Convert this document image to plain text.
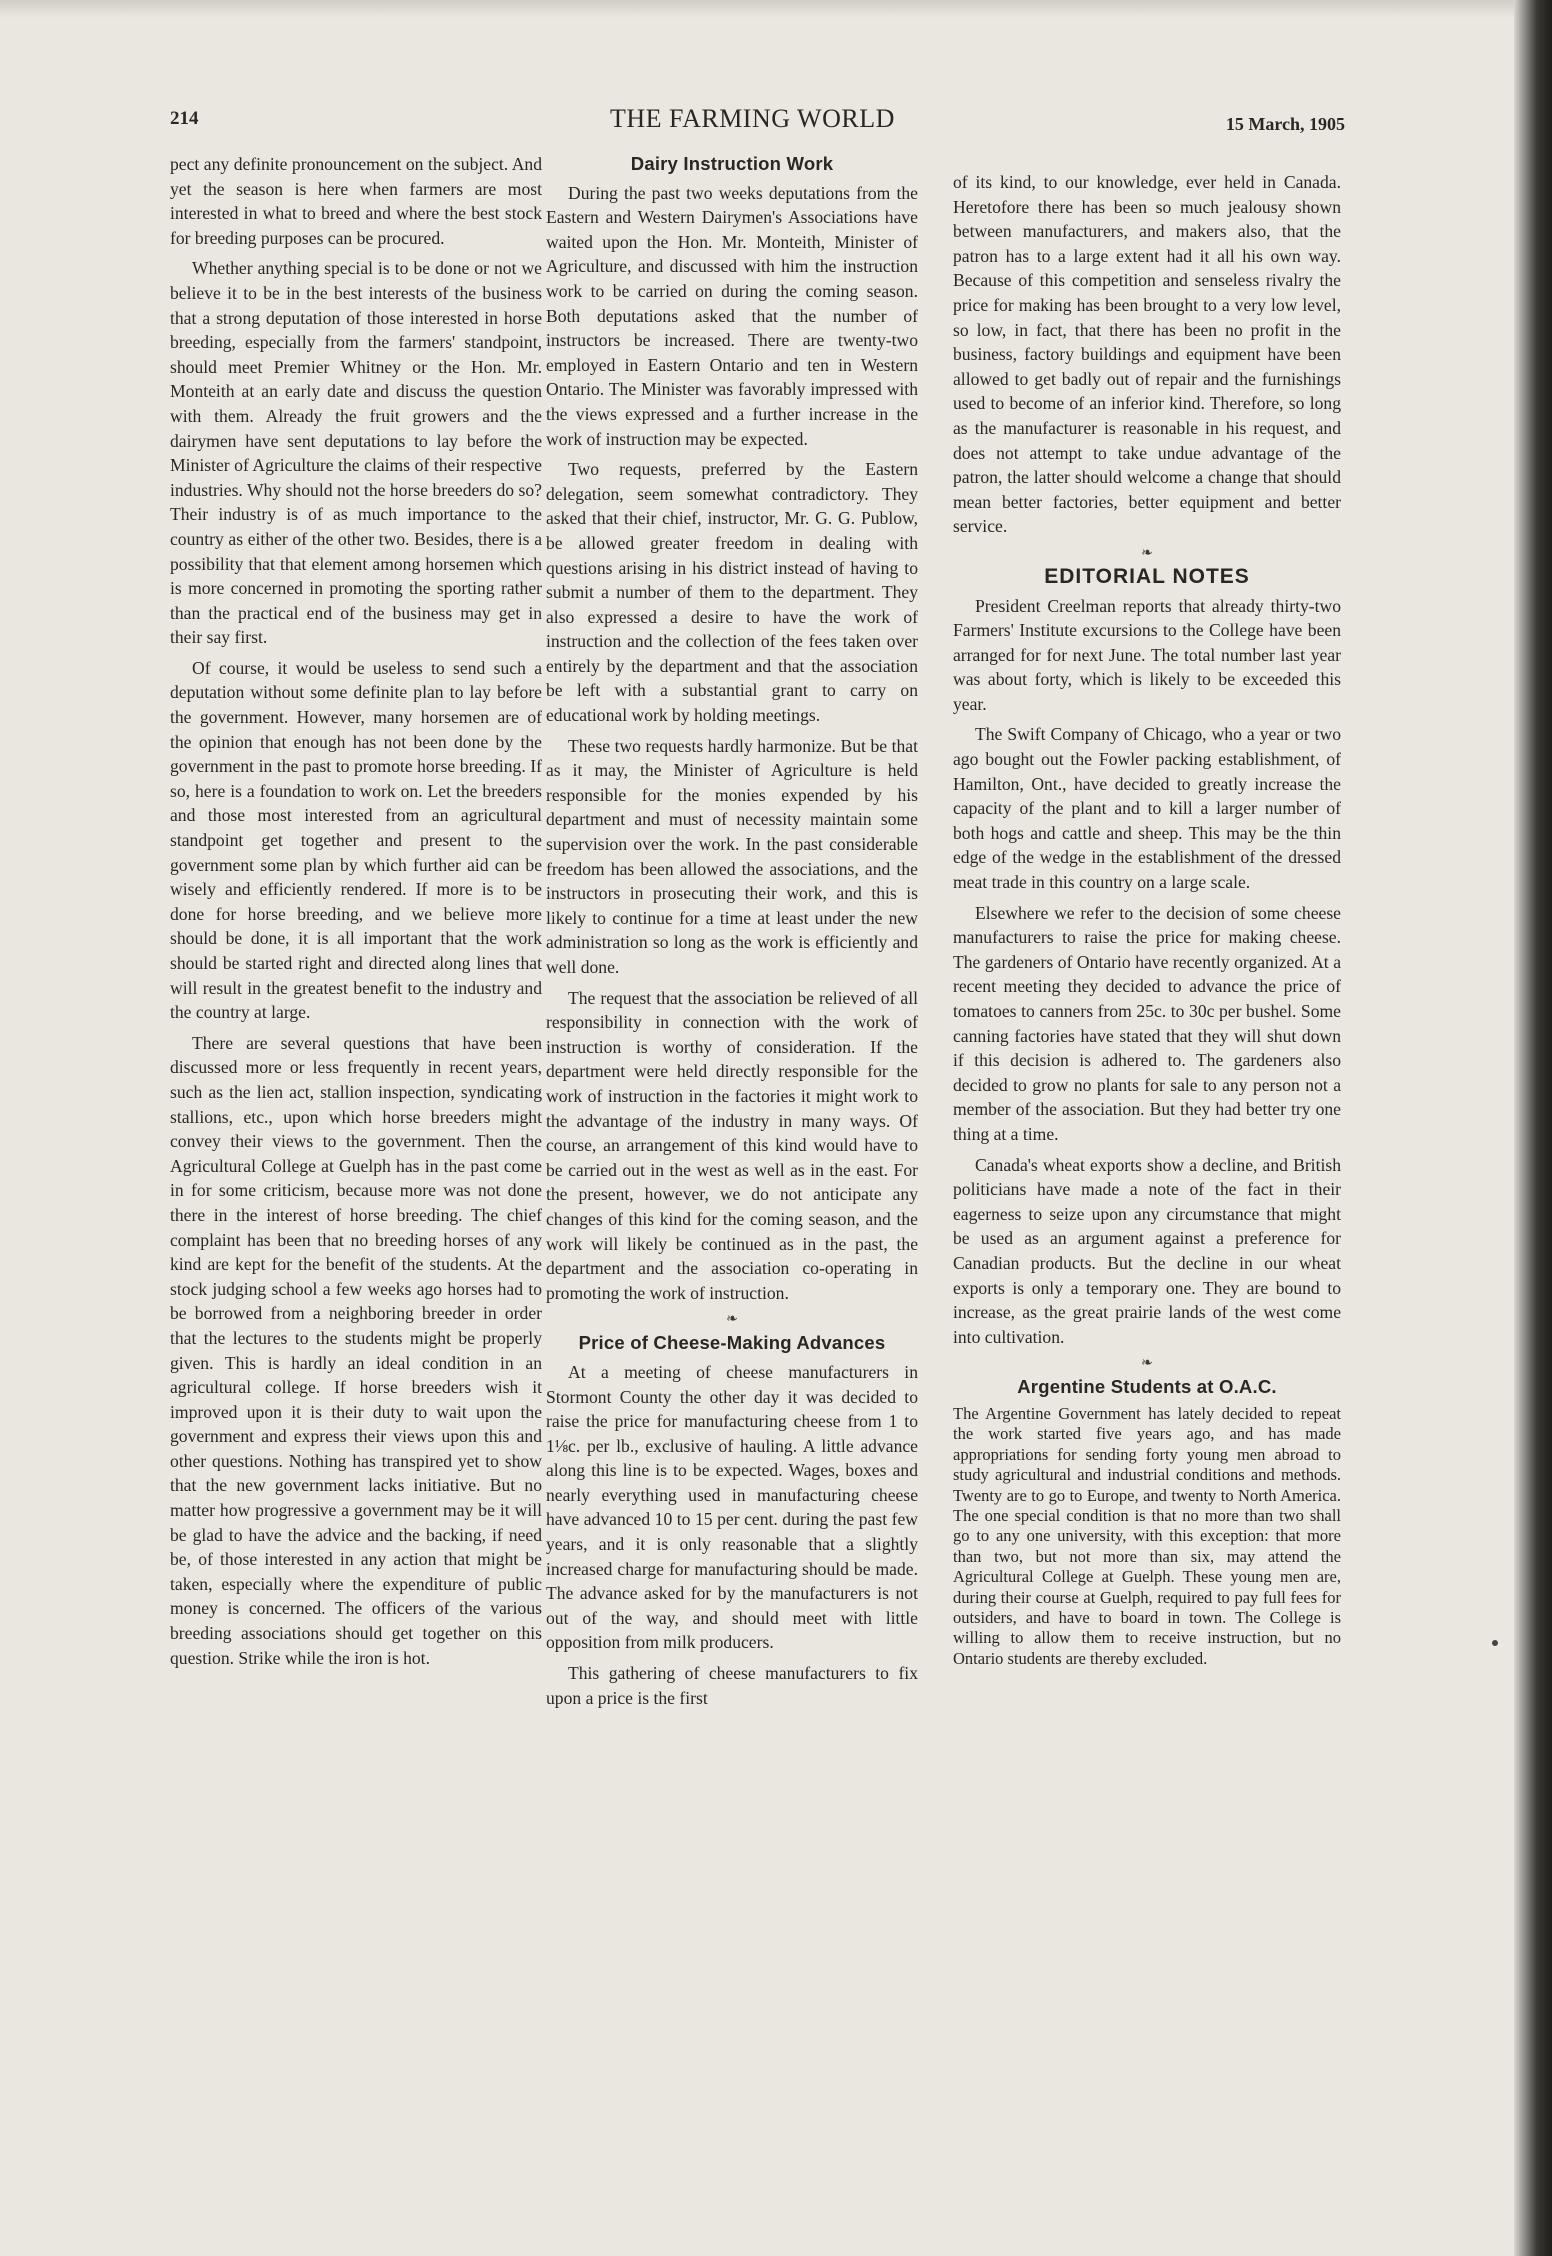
214	THE FARMING WORLD	15 March, 1905

pect any definite pronouncement on the subject. And yet the season is here when farmers are most interested in what to breed and where the best stock for breeding purposes can be procured.

Whether anything special is to be done or not we believe it to be in the best interests of the business that a strong deputation of those interested in horse breeding, especially from the farmers' standpoint, should meet Premier Whitney or the Hon. Mr. Monteith at an early date and discuss the question with them. Already the fruit growers and the dairymen have sent deputations to lay before the Minister of Agriculture the claims of their respective industries. Why should not the horse breeders do so? Their industry is of as much importance to the country as either of the other two. Besides, there is a possibility that that element among horsemen which is more concerned in promoting the sporting rather than the practical end of the business may get in their say first.

Of course, it would be useless to send such a deputation without some definite plan to lay before the government. However, many horsemen are of the opinion that enough has not been done by the government in the past to promote horse breeding. If so, here is a foundation to work on. Let the breeders and those most interested from an agricultural standpoint get together and present to the government some plan by which further aid can be wisely and efficiently rendered. If more is to be done for horse breeding, and we believe more should be done, it is all important that the work should be started right and directed along lines that will result in the greatest benefit to the industry and the country at large.

There are several questions that have been discussed more or less frequently in recent years, such as the lien act, stallion inspection, syndicating stallions, etc., upon which horse breeders might convey their views to the government. Then the Agricultural College at Guelph has in the past come in for some criticism, because more was not done there in the interest of horse breeding. The chief complaint has been that no breeding horses of any kind are kept for the benefit of the students. At the stock judging school a few weeks ago horses had to be borrowed from a neighboring breeder in order that the lectures to the students might be properly given. This is hardly an ideal condition in an agricultural college. If horse breeders wish it improved upon it is their duty to wait upon the government and express their views upon this and other questions. Nothing has transpired yet to show that the new government lacks initiative. But no matter how progressive a government may be it will be glad to have the advice and the backing, if need be, of those interested in any action that might be taken, especially where the expenditure of public money is concerned. The officers of the various breeding associations should get together on this question. Strike while the iron is hot.

Dairy Instruction Work

During the past two weeks deputations from the Eastern and Western Dairymen's Associations have waited upon the Hon. Mr. Monteith, Minister of Agriculture, and discussed with him the instruction work to be carried on during the coming season. Both deputations asked that the number of instructors be increased. There are twenty-two employed in Eastern Ontario and ten in Western Ontario. The Minister was favorably impressed with the views expressed and a further increase in the work of instruction may be expected.

Two requests, preferred by the Eastern delegation, seem somewhat contradictory. They asked that their chief, instructor, Mr. G. G. Publow, be allowed greater freedom in dealing with questions arising in his district instead of having to submit a number of them to the department. They also expressed a desire to have the work of instruction and the collection of the fees taken over entirely by the department and that the association be left with a substantial grant to carry on educational work by holding meetings.

These two requests hardly harmonize. But be that as it may, the Minister of Agriculture is held responsible for the monies expended by his department and must of necessity maintain some supervision over the work. In the past considerable freedom has been allowed the associations, and the instructors in prosecuting their work, and this is likely to continue for a time at least under the new administration so long as the work is efficiently and well done.

The request that the association be relieved of all responsibility in connection with the work of instruction is worthy of consideration. If the department were held directly responsible for the work of instruction in the factories it might work to the advantage of the industry in many ways. Of course, an arrangement of this kind would have to be carried out in the west as well as in the east. For the present, however, we do not anticipate any changes of this kind for the coming season, and the work will likely be continued as in the past, the department and the association co-operating in promoting the work of instruction.

❧
Price of Cheese-Making Advances

At a meeting of cheese manufacturers in Stormont County the other day it was decided to raise the price for manufacturing cheese from 1 to 1⅛c. per lb., exclusive of hauling. A little advance along this line is to be expected. Wages, boxes and nearly everything used in manufacturing cheese have advanced 10 to 15 per cent. during the past few years, and it is only reasonable that a slightly increased charge for manufacturing should be made. The advance asked for by the manufacturers is not out of the way, and should meet with little opposition from milk producers.

This gathering of cheese manufacturers to fix upon a price is the first

of its kind, to our knowledge, ever held in Canada. Heretofore there has been so much jealousy shown between manufacturers, and makers also, that the patron has to a large extent had it all his own way. Because of this competition and senseless rivalry the price for making has been brought to a very low level, so low, in fact, that there has been no profit in the business, factory buildings and equipment have been allowed to get badly out of repair and the furnishings used to become of an inferior kind. Therefore, so long as the manufacturer is reasonable in his request, and does not attempt to take undue advantage of the patron, the latter should welcome a change that should mean better factories, better equipment and better service.

❧
EDITORIAL NOTES

President Creelman reports that already thirty-two Farmers' Institute excursions to the College have been arranged for for next June. The total number last year was about forty, which is likely to be exceeded this year.

The Swift Company of Chicago, who a year or two ago bought out the Fowler packing establishment, of Hamilton, Ont., have decided to greatly increase the capacity of the plant and to kill a larger number of both hogs and cattle and sheep. This may be the thin edge of the wedge in the establishment of the dressed meat trade in this country on a large scale.

Elsewhere we refer to the decision of some cheese manufacturers to raise the price for making cheese. The gardeners of Ontario have recently organized. At a recent meeting they decided to advance the price of tomatoes to canners from 25c. to 30c per bushel. Some canning factories have stated that they will shut down if this decision is adhered to. The gardeners also decided to grow no plants for sale to any person not a member of the association. But they had better try one thing at a time.

Canada's wheat exports show a decline, and British politicians have made a note of the fact in their eagerness to seize upon any circumstance that might be used as an argument against a preference for Canadian products. But the decline in our wheat exports is only a temporary one. They are bound to increase, as the great prairie lands of the west come into cultivation.

❧
Argentine Students at O.A.C.

The Argentine Government has lately decided to repeat the work started five years ago, and has made appropriations for sending forty young men abroad to study agricultural and industrial conditions and methods. Twenty are to go to Europe, and twenty to North America. The one special condition is that no more than two shall go to any one university, with this exception: that more than two, but not more than six, may attend the Agricultural College at Guelph. These young men are, during their course at Guelph, required to pay full fees for outsiders, and have to board in town. The College is willing to allow them to receive instruction, but no Ontario students are thereby excluded.
